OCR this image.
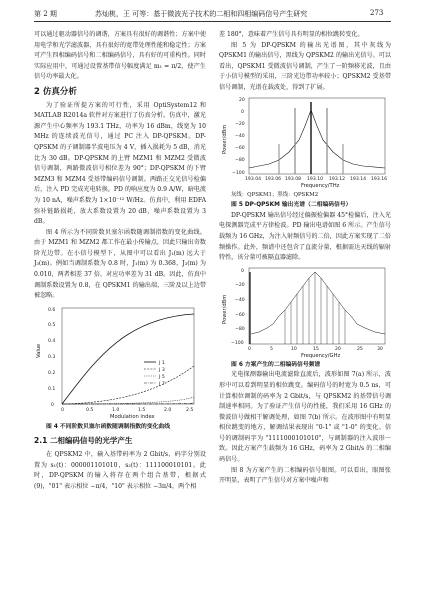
第 2 期	苏灿桃，王 可等：基于微波光子技术的二相和四相编码信号产生研究	273

可以通过驱动器信号的调谐，方案具有很好的调谐性；方案中使用电学和光学滤波器，具有很好的宽带处理性能和稳定性；方案可产生四相编码信号和二相编码信号，具有好的可重构性。同时实际应用中，可通过设置基带信号幅度满足 m₁ = π/2，使产生信号功率最大化。

2 仿真分析

为了验证所提方案的可行性，采用 OptiSystem12 和 MATLAB R2014a 软件对方案进行了仿真分析。仿真中，激光源产生中心频率为 193.1 THz，功率为 16 dBm，线宽为 10 MHz 的连续波光信号，通过 PC 注入 DP-QPSKM。DP-QPSKM 的子调制器半波电压为 4 V，插入损耗为 5 dB，消光比为 30 dB。DP-QPSKM 的上臂 MZM1 和 MZM2 受微波信号调制，两路微波信号相位差为 90°；DP-QPSKM 的下臂 MZM3 和 MZM4 受基带编码信号调制。两路正交光信号检偏后，注入 PD 完成光电转换。PD 的响应度为 0.9 A/W，暗电流为 10 nA，噪声系数为 1×10⁻¹² W/Hz。仿真中，利用 EDFA 弥补链路损耗，放大系数设置为 20 dB，噪声系数设置为 3 dB。

图 4 所示为不同阶数贝塞尔函数随调制指数的变化曲线。由于 MZM1 和 MZM2 都工作在最小传输点，因此只输出奇数阶光边带。在小信号模型下，从图中可以看出 J₁(m) 远大于 J₃(m)。例如当调制系数为 0.8 时，J₁(m) 为 0.368，J₃(m) 为 0.010，两者相差 37 倍，对应功率差为 31 dB。因此，仿真中调制系数设置为 0.8，在 QPSKM1 的输出端，三阶及以上边带被忽略。

Value
Modulation index
0
0.1
0.2
0.3
0.4
0.5
0.6
0	0.5	1.0	1.5	2.0	2.5
J 1
J 3
J 5
J 7

图 4 不同阶数贝塞尔函数随调制指数的变化曲线

2.1 二相编码信号的光学产生

在 QPSKM2 中，输入基带码率为 2 Gbit/s，码字分别设置为 s₁(t)：000001101010，s₂(t)：111100010101。此时，DP-QPSKM 的输入将存在两个组合基带，根据式(9)，"01" 表示相位 −π/4，"10" 表示相位 −3π/4，两个相

差 180°，意味着产生信号具有明显的相位跳转变化。

图 5 为 DP-QPSKM 的输出光谱图，其中灰线为 QPSKM1 的输出信号，黑线为 QPSKM2 的输出光信号。可以看出，QPSKM1 受微波信号调制，产生了一阶频移光波，且由于小信号模型的采用，三阶光边带功率较小；QPSKM2 受基带信号调制，光谱在载波处，得到了扩展。

Power/dBm
Frequency/THz
20
0
−20
−40
−60
−80
−100
193.04 193.06 193.08 193.10 193.12 193.14 193.16

灰线：QPSKM1；黑线：QPSKM2

图 5 DP-QPSKM 输出光谱（二相编码信号）

DP-QPSKM 输出信号经过偏振检偏器 45°检偏后，注入光电探测器完成平方律检波。PD 输出电谱如图 6 所示。产生信号载频为 16 GHz，为注入射频信号的二倍，因此方案实现了二倍频操作。此外，频谱中还包含了直流分量，根据需达天线的辐射特性，该分量可被隔直器滤除。

Power/dBm
Frequency/GHz
0
−20
−40
−60
−80
−100
0	5	10	15	20	25	30

图 6 方案产生的二相编码信号频谱

光电探测器输出电流滤除直流后，波形如图 7(a) 所示，波形中可以看到明显的相位跳变。编码信号的时宽为 0.5 ns，可计算相位调制的码率为 2 Gbit/s，与 QPSKM2 的基带信号调制速率相同。为了验证产生信号的性能，我们采用 16 GHz 的微波信号做相干解调处理，如图 7(b) 所示。在波形图中有明显相位跳变的地方，解调结果表现出 "0-1" 或 "1-0" 的变化。信号的调制码字为 "1111000101010"，与调制器的注入波形一致。因此方案产生载频为 16 GHz，码率为 2 Gbit/s 的二相编码信号。

图 8 为方案产生的二相编码信号眼图。可以看出，眼图张开明显，表明了产生信号对方案中噪声和
